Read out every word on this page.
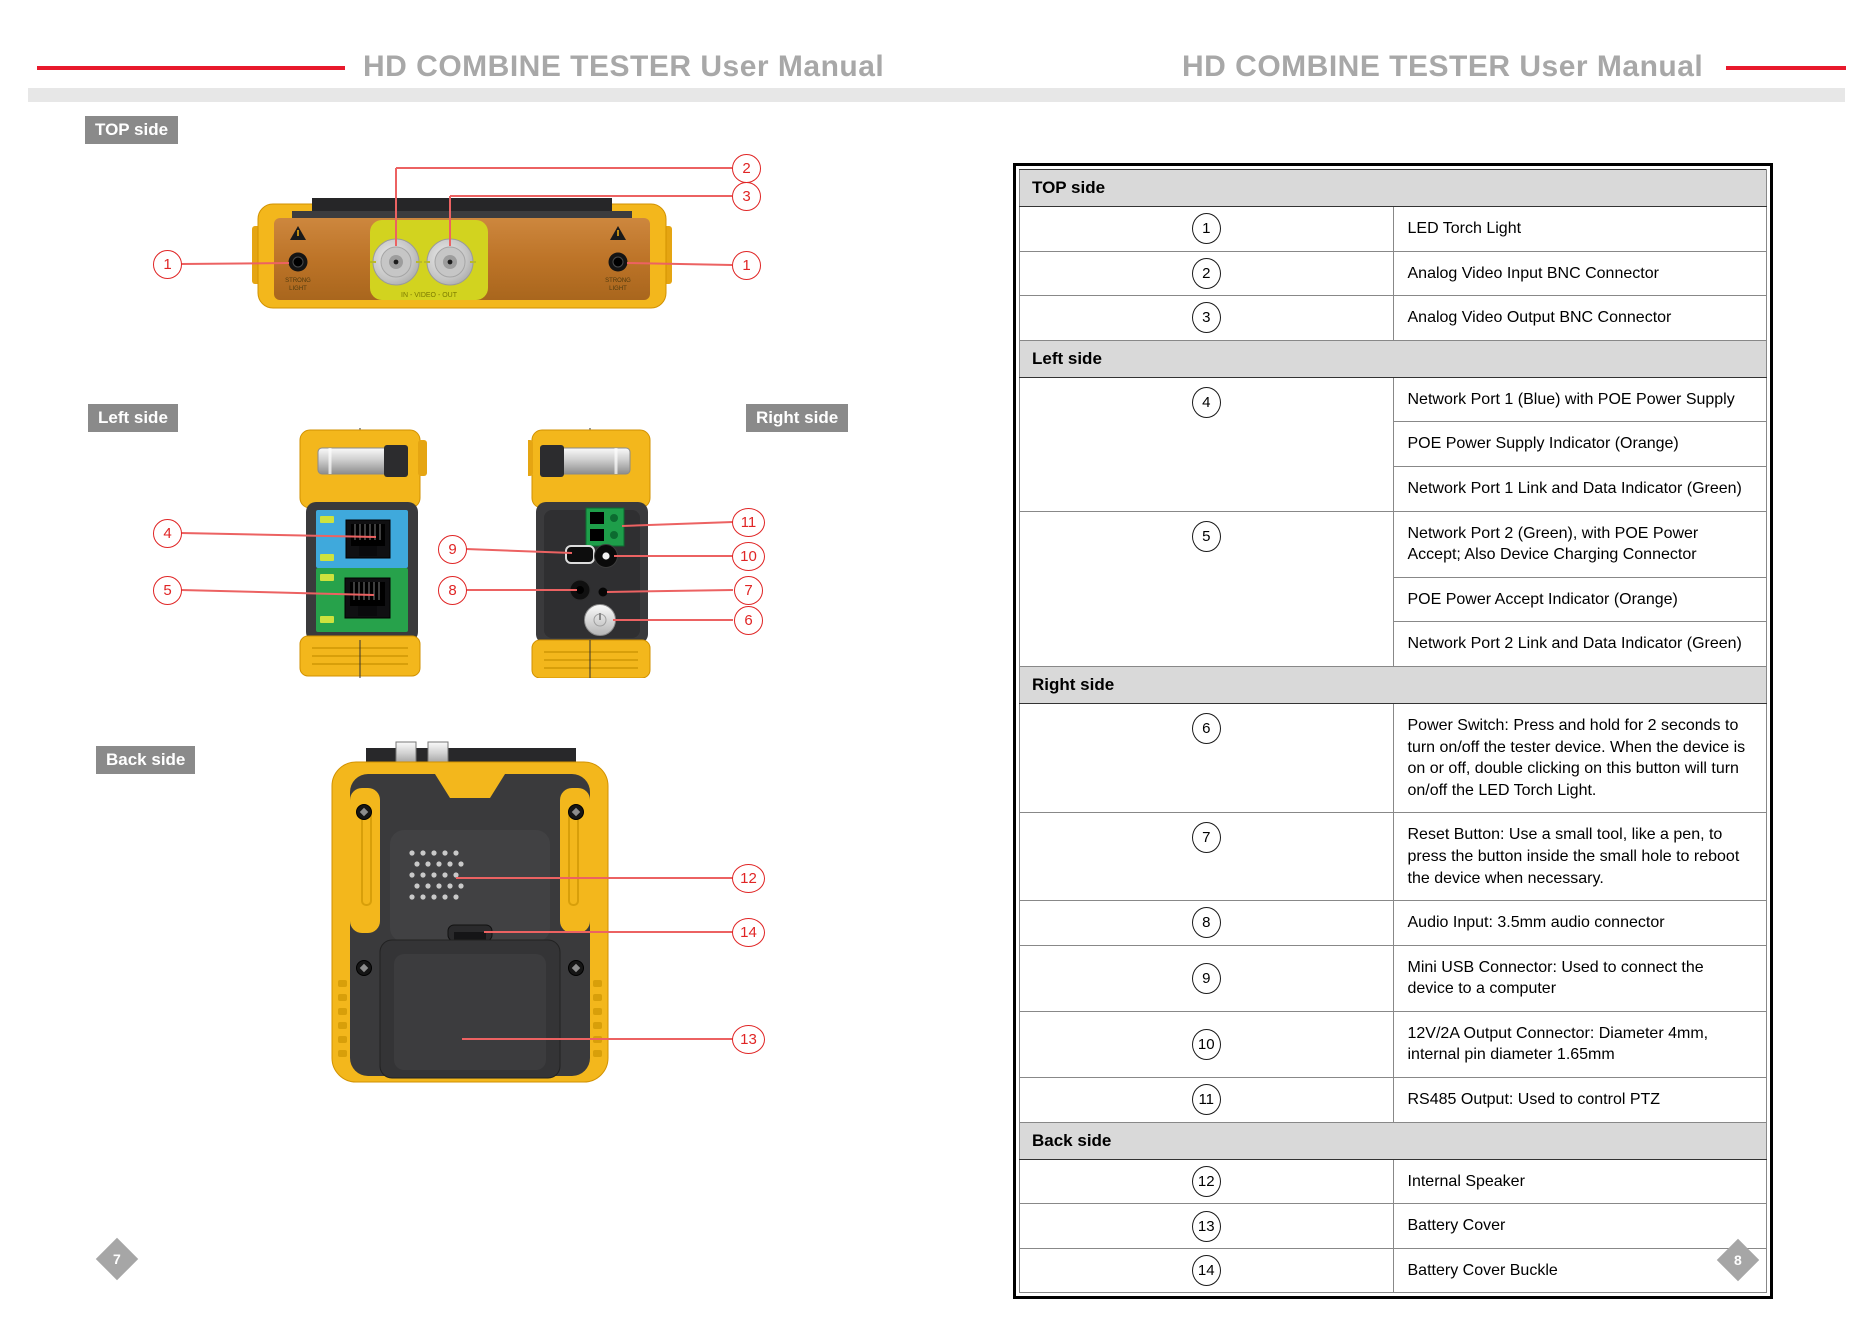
HD COMBINE TESTER User Manual	HD COMBINE TESTER User Manual
TOP side
Left side	Right side
Back side
IN - VIDEO - OUT
STRONG
LIGHT
STRONG
LIGHT
1
2
3
1
4
5
9
8
11
10
7
6
12
14
13
TOP side	
1	LED Torch Light
2	Analog Video Input BNC Connector
3	Analog Video Output BNC Connector
Left side	
4	Network Port 1 (Blue) with POE Power Supply
	POE Power Supply Indicator (Orange)
	Network Port 1 Link and Data Indicator (Green)
5	Network Port 2 (Green), with POE Power Accept; Also Device Charging Connector
	POE Power Accept Indicator (Orange)
	Network Port 2 Link and Data Indicator (Green)
Right side	
6	Power Switch: Press and hold for 2 seconds to turn on/off the tester device. When the device is on or off, double clicking on this button will turn on/off the LED Torch Light.
7	Reset Button: Use a small tool, like a pen, to press the button inside the small hole to reboot the device when necessary.
8	Audio Input: 3.5mm audio connector
9	Mini USB Connector: Used to connect the device to a computer
10	12V/2A Output Connector: Diameter 4mm, internal pin diameter 1.65mm
11	RS485 Output: Used to control PTZ
Back side	
12	Internal Speaker
13	Battery Cover
14	Battery Cover Buckle
7	8
